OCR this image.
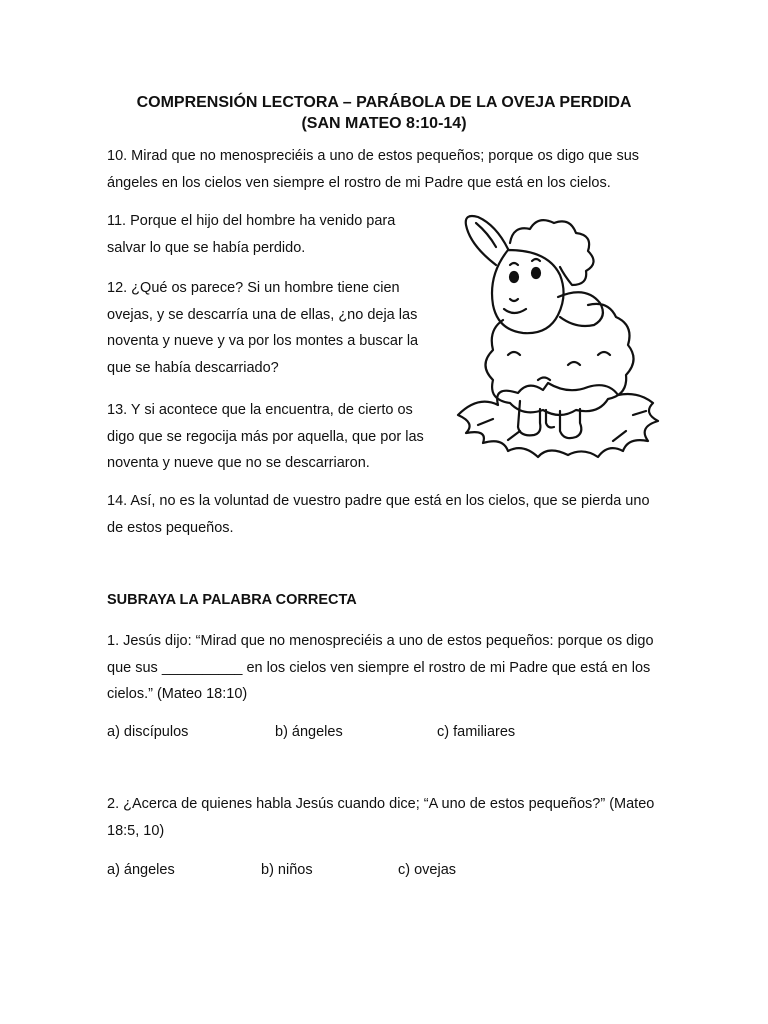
COMPRENSIÓN LECTORA – PARÁBOLA DE LA OVEJA PERDIDA
(SAN MATEO 8:10-14)

10. Mirad que no menospreciéis a uno de estos pequeños; porque os digo que sus ángeles en los cielos ven siempre el rostro de mi Padre que está en los cielos.

11. Porque el hijo del hombre ha venido para salvar lo que se había perdido.

12. ¿Qué os parece? Si un hombre tiene cien ovejas, y se descarría una de ellas, ¿no deja las noventa y nueve y va por los montes a buscar la que se había descarriado?

13. Y si acontece que la encuentra, de cierto os digo que se regocija más por aquella, que por las noventa y nueve que no se descarriaron.

14. Así, no es la voluntad de vuestro padre que está en los cielos, que se pierda uno de estos pequeños.

SUBRAYA LA PALABRA CORRECTA

1. Jesús dijo: “Mirad que no menospreciéis a uno de estos pequeños: porque os digo que sus __________ en los cielos ven siempre el rostro de mi Padre que está en los cielos.” (Mateo 18:10)

a) discípulos	b) ángeles	c) familiares

2. ¿Acerca de quienes habla Jesús cuando dice; “A uno de estos pequeños?” (Mateo 18:5, 10)

a) ángeles	b) niños	c) ovejas
